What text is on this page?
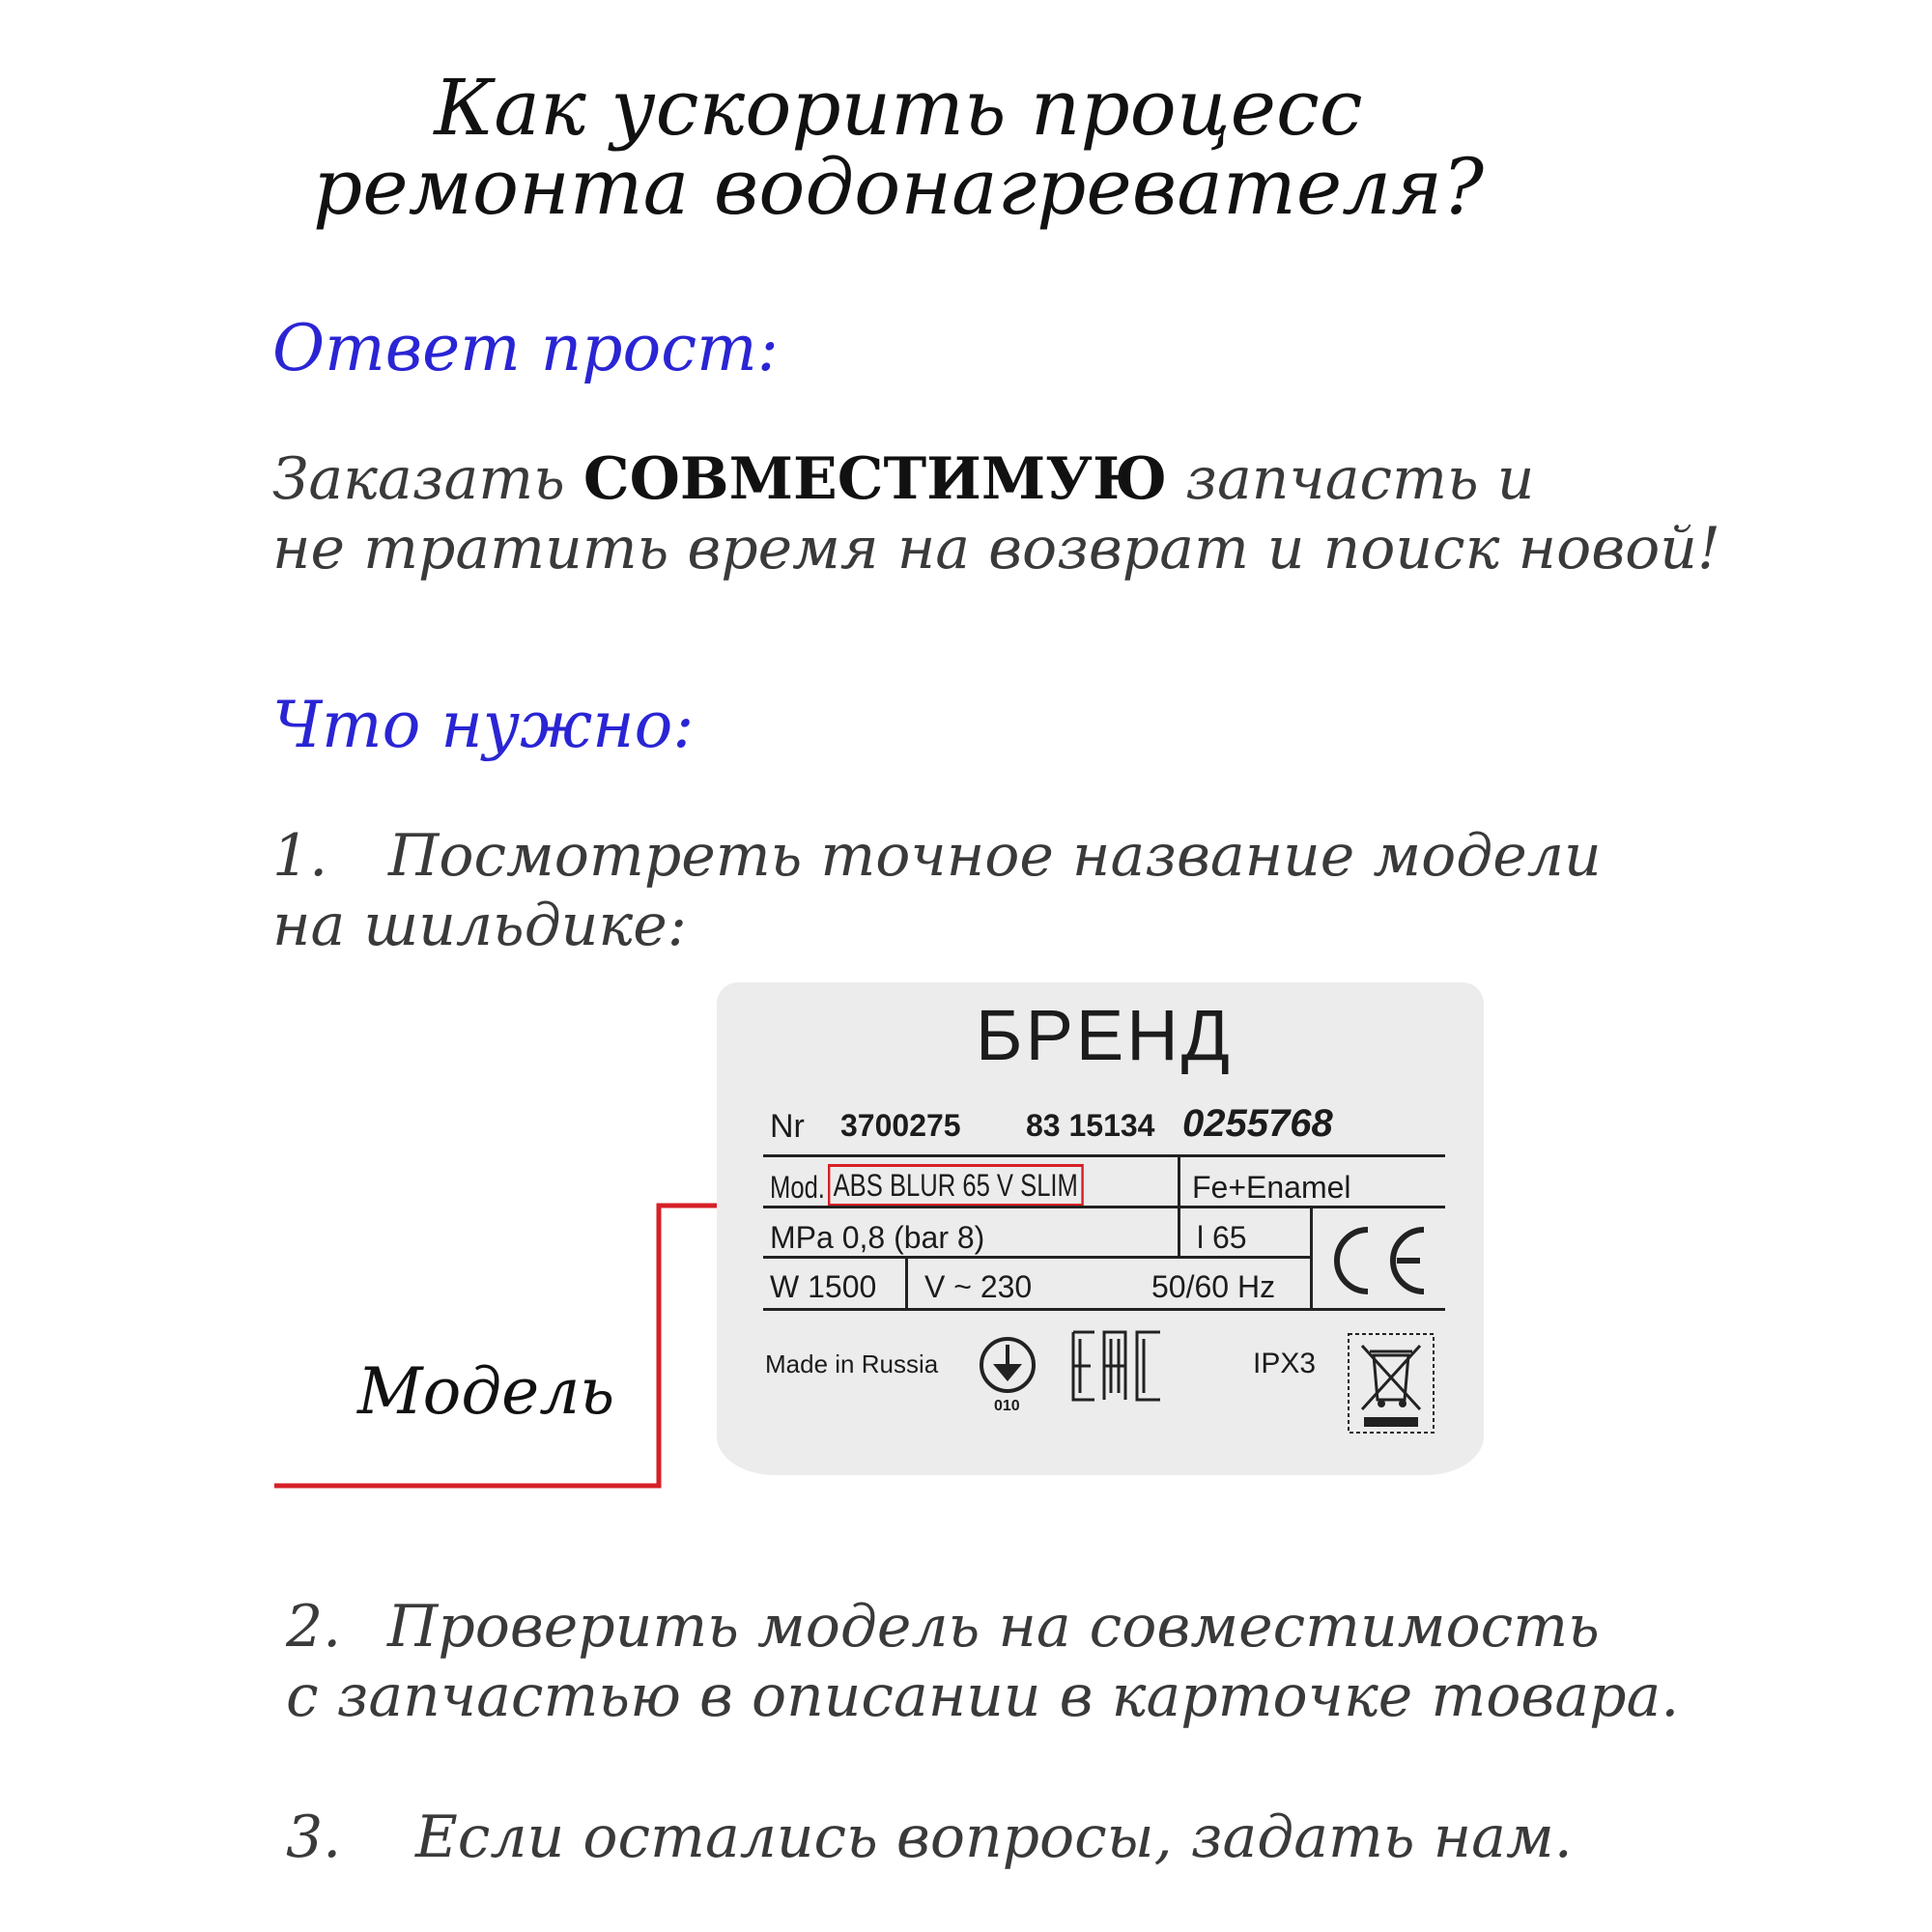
Как ускорить процесс
ремонта водонагревателя?
Ответ прост:
Заказать СОВМЕСТИМУЮ запчасть и
не тратить время на возврат и поиск новой!
Что нужно:
1. Посмотреть точное название модели
на шильдике:
Модель
БРЕНД
Nr 3700275 83 15134 0255768
Mod. ABS BLUR 65 V SLIM	Fe+Enamel
MPa 0,8 (bar 8)	l 65
W 1500 V ~ 230	50/60 Hz
Made in Russia
010
IPX3
2. Проверить модель на совместимость
с запчастью в описании в карточке товара.
3. Если остались вопросы, задать нам.
